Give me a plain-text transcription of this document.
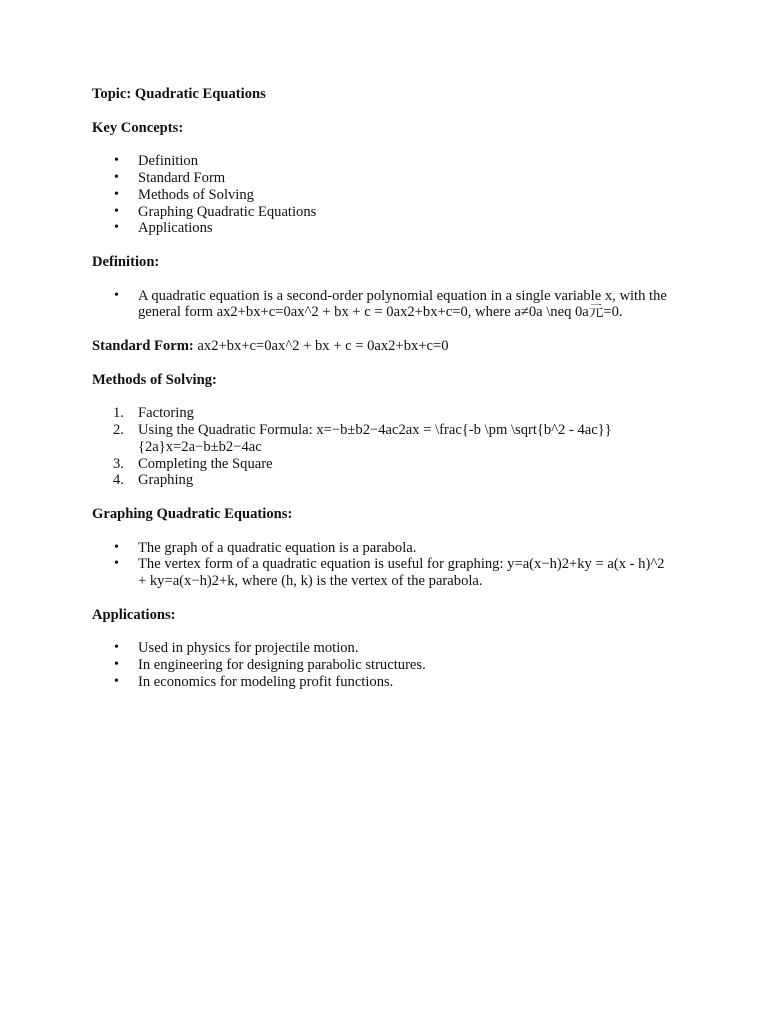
Topic: Quadratic Equations

Key Concepts:

• Definition
• Standard Form
• Methods of Solving
• Graphing Quadratic Equations
• Applications

Definition:

• A quadratic equation is a second-order polynomial equation in a single variable x, with the general form ax2+bx+c=0ax^2 + bx + c = 0ax2+bx+c=0, where a≠0a \neq 0a元=0.

Standard Form: ax2+bx+c=0ax^2 + bx + c = 0ax2+bx+c=0

Methods of Solving:

1. Factoring
2. Using the Quadratic Formula: x=−b±b2−4ac2ax = \frac{-b \pm \sqrt{b^2 - 4ac}}{2a}x=2a−b±b2−4ac
3. Completing the Square
4. Graphing

Graphing Quadratic Equations:

• The graph of a quadratic equation is a parabola.
• The vertex form of a quadratic equation is useful for graphing: y=a(x−h)2+ky = a(x - h)^2 + ky=a(x−h)2+k, where (h, k) is the vertex of the parabola.

Applications:

• Used in physics for projectile motion.
• In engineering for designing parabolic structures.
• In economics for modeling profit functions.
